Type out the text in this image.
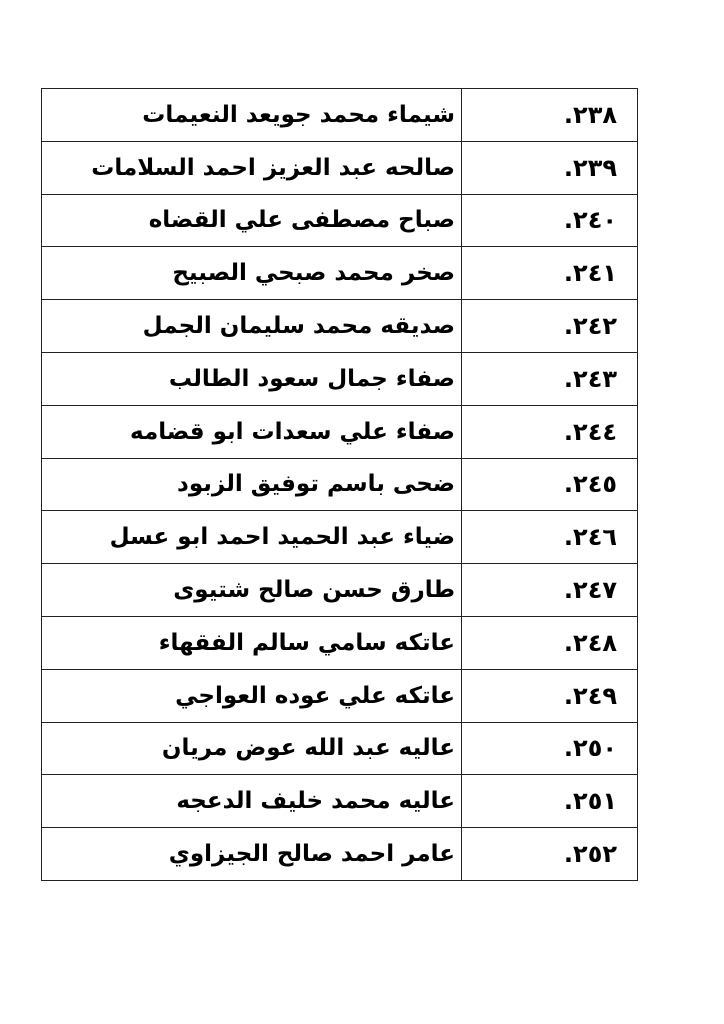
٢٣٨.	شيماء محمد جويعد النعيمات
٢٣٩.	صالحه عبد العزيز احمد السلامات
٢٤٠.	صباح مصطفى علي القضاه
٢٤١.	صخر محمد صبحي الصبيح
٢٤٢.	صديقه محمد سليمان الجمل
٢٤٣.	صفاء جمال سعود الطالب
٢٤٤.	صفاء علي سعدات ابو قضامه
٢٤٥.	ضحى باسم توفيق الزبود
٢٤٦.	ضياء عبد الحميد احمد ابو عسل
٢٤٧.	طارق حسن صالح شتيوى
٢٤٨.	عاتكه سامي سالم الفقهاء
٢٤٩.	عاتكه علي عوده العواجي
٢٥٠.	عاليه عبد الله عوض مريان
٢٥١.	عاليه محمد خليف الدعجه
٢٥٢.	عامر احمد صالح الجيزاوي
